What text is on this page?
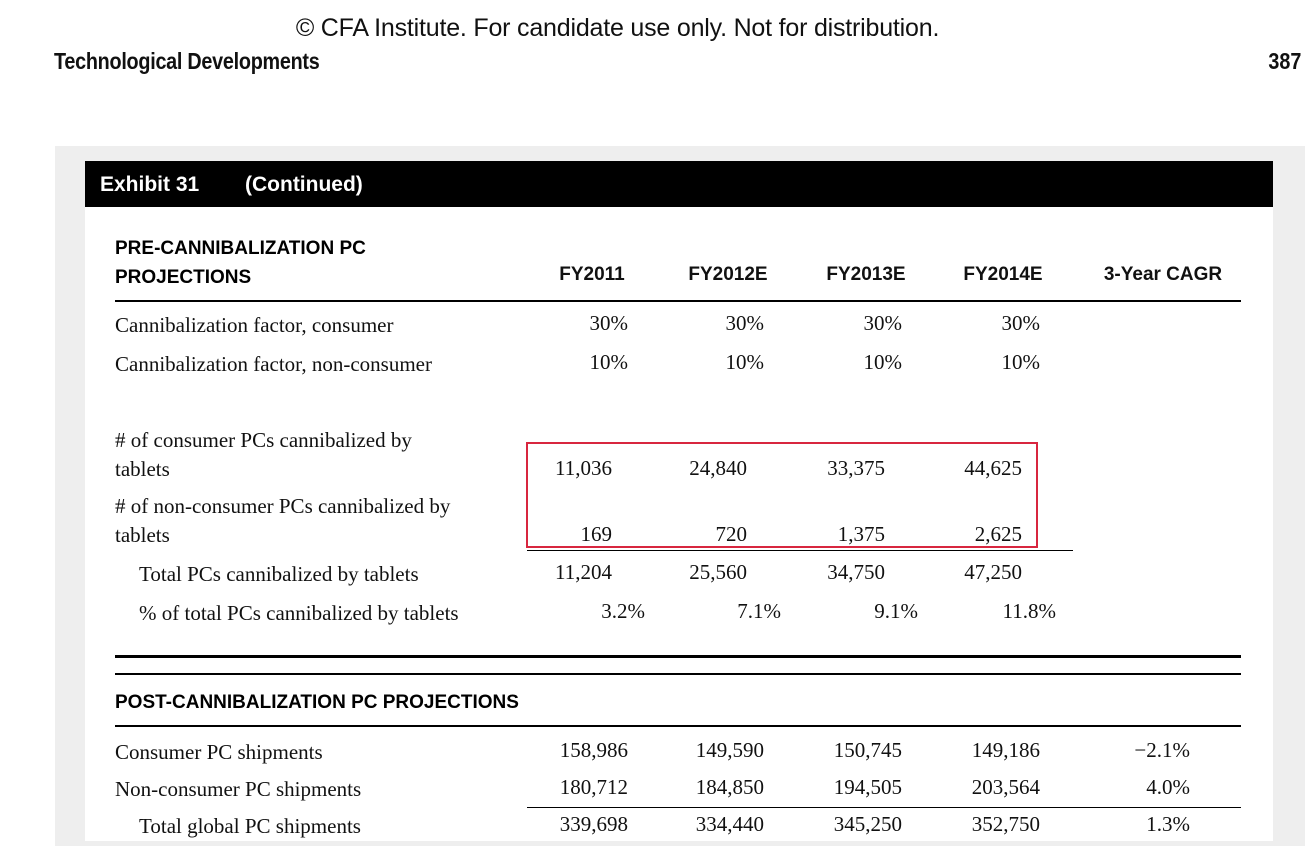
© CFA Institute. For candidate use only. Not for distribution.
Technological Developments	387
Exhibit 31 (Continued)
PRE-CANNIBALIZATION PC
PROJECTIONS	FY2011	FY2012E	FY2013E	FY2014E	3-Year CAGR
Cannibalization factor, consumer	30%	30%	30%	30%
Cannibalization factor, non-consumer	10%	10%	10%	10%
# of consumer PCs cannibalized by
tablets	11,036	24,840	33,375	44,625
# of non-consumer PCs cannibalized by
tablets	169	720	1,375	2,625
Total PCs cannibalized by tablets	11,204	25,560	34,750	47,250
% of total PCs cannibalized by tablets	3.2%	7.1%	9.1%	11.8%
POST-CANNIBALIZATION PC PROJECTIONS
Consumer PC shipments	158,986	149,590	150,745	149,186	−2.1%
Non-consumer PC shipments	180,712	184,850	194,505	203,564	4.0%
Total global PC shipments	339,698	334,440	345,250	352,750	1.3%
